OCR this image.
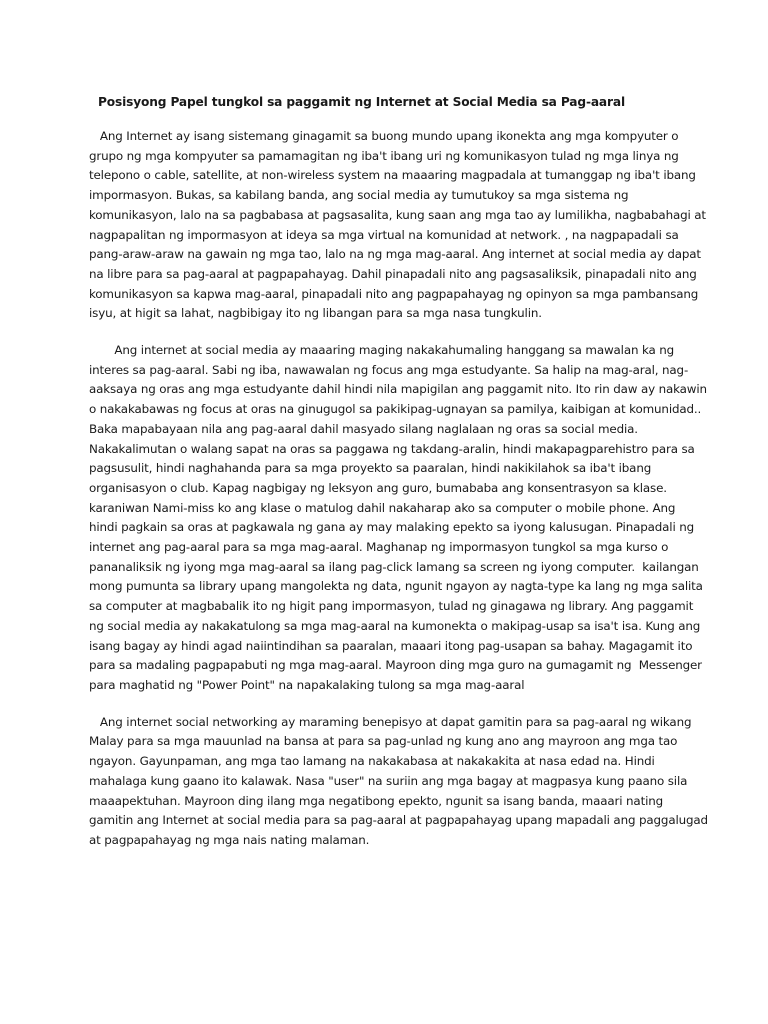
Posisyong Papel tungkol sa paggamit ng Internet at Social Media sa Pag-aaral
Ang Internet ay isang sistemang ginagamit sa buong mundo upang ikonekta ang mga kompyuter o
grupo ng mga kompyuter sa pamamagitan ng iba't ibang uri ng komunikasyon tulad ng mga linya ng
telepono o cable, satellite, at non-wireless system na maaaring magpadala at tumanggap ng iba't ibang
impormasyon. Bukas, sa kabilang banda, ang social media ay tumutukoy sa mga sistema ng
komunikasyon, lalo na sa pagbabasa at pagsasalita, kung saan ang mga tao ay lumilikha, nagbabahagi at
nagpapalitan ng impormasyon at ideya sa mga virtual na komunidad at network. , na nagpapadali sa
pang-araw-araw na gawain ng mga tao, lalo na ng mga mag-aaral. Ang internet at social media ay dapat
na libre para sa pag-aaral at pagpapahayag. Dahil pinapadali nito ang pagsasaliksik, pinapadali nito ang
komunikasyon sa kapwa mag-aaral, pinapadali nito ang pagpapahayag ng opinyon sa mga pambansang
isyu, at higit sa lahat, nagbibigay ito ng libangan para sa mga nasa tungkulin.
Ang internet at social media ay maaaring maging nakakahumaling hanggang sa mawalan ka ng
interes sa pag-aaral. Sabi ng iba, nawawalan ng focus ang mga estudyante. Sa halip na mag-aral, nag-
aaksaya ng oras ang mga estudyante dahil hindi nila mapigilan ang paggamit nito. Ito rin daw ay nakawin
o nakakabawas ng focus at oras na ginugugol sa pakikipag-ugnayan sa pamilya, kaibigan at komunidad..
Baka mapabayaan nila ang pag-aaral dahil masyado silang naglalaan ng oras sa social media.
Nakakalimutan o walang sapat na oras sa paggawa ng takdang-aralin, hindi makapagparehistro para sa
pagsusulit, hindi naghahanda para sa mga proyekto sa paaralan, hindi nakikilahok sa iba't ibang
organisasyon o club. Kapag nagbigay ng leksyon ang guro, bumababa ang konsentrasyon sa klase.
karaniwan Nami-miss ko ang klase o matulog dahil nakaharap ako sa computer o mobile phone. Ang
hindi pagkain sa oras at pagkawala ng gana ay may malaking epekto sa iyong kalusugan. Pinapadali ng
internet ang pag-aaral para sa mga mag-aaral. Maghanap ng impormasyon tungkol sa mga kurso o
pananaliksik ng iyong mga mag-aaral sa ilang pag-click lamang sa screen ng iyong computer.  kailangan
mong pumunta sa library upang mangolekta ng data, ngunit ngayon ay nagta-type ka lang ng mga salita
sa computer at magbabalik ito ng higit pang impormasyon, tulad ng ginagawa ng library. Ang paggamit
ng social media ay nakakatulong sa mga mag-aaral na kumonekta o makipag-usap sa isa't isa. Kung ang
isang bagay ay hindi agad naiintindihan sa paaralan, maaari itong pag-usapan sa bahay. Magagamit ito
para sa madaling pagpapabuti ng mga mag-aaral. Mayroon ding mga guro na gumagamit ng  Messenger
para maghatid ng "Power Point" na napakalaking tulong sa mga mag-aaral
Ang internet social networking ay maraming benepisyo at dapat gamitin para sa pag-aaral ng wikang
Malay para sa mga mauunlad na bansa at para sa pag-unlad ng kung ano ang mayroon ang mga tao
ngayon. Gayunpaman, ang mga tao lamang na nakakabasa at nakakakita at nasa edad na. Hindi
mahalaga kung gaano ito kalawak. Nasa "user" na suriin ang mga bagay at magpasya kung paano sila
maaapektuhan. Mayroon ding ilang mga negatibong epekto, ngunit sa isang banda, maaari nating
gamitin ang Internet at social media para sa pag-aaral at pagpapahayag upang mapadali ang paggalugad
at pagpapahayag ng mga nais nating malaman.
